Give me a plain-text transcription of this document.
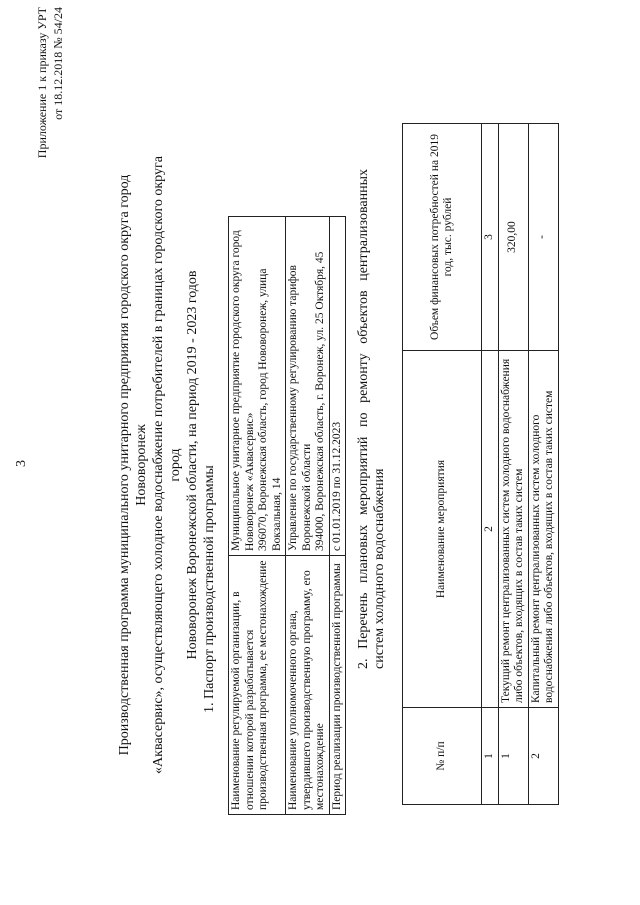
3
Приложение 1 к приказу УРТ от 18.12.2018 № 54/24
Производственная программа муниципального унитарного предприятия городского округа город Нововоронеж «Аквасервис», осуществляющего холодное водоснабжение потребителей в границах городского округа город Нововоронеж Воронежской области, на период 2019 - 2023 годов 1. Паспорт производственной программы Наименование регулируемой организации, в отношении которой разрабатывается производственная программа, ее местонахождение	Муниципальное унитарное предприятие городского округа город Нововоронеж «Аквасервис» 396070, Воронежская область, город Нововоронеж, улица Вокзальная, 14

Наименование уполномоченного органа, утвердившего производственную программу, его местонахождение	Управление по государственному регулированию тарифов Воронежской области 394000, Воронежская область, г. Воронеж, ул. 25 Октября, 45

Период реализации производственной программы	с 01.01.2019 по 31.12.2023 2. Перечень плановых мероприятий по ремонту объектов централизованных систем холодного водоснабжения
№ п/п	Наименование мероприятия	Объем финансовых потребностей на 2019 год, тыс. рублей
1	2	3
1	Текущий ремонт централизованных систем холодного водоснабжения либо объектов, входящих в состав таких систем	320,00
2	Капитальный ремонт централизованных систем холодного водоснабжения либо объектов, входящих в состав таких систем	-
